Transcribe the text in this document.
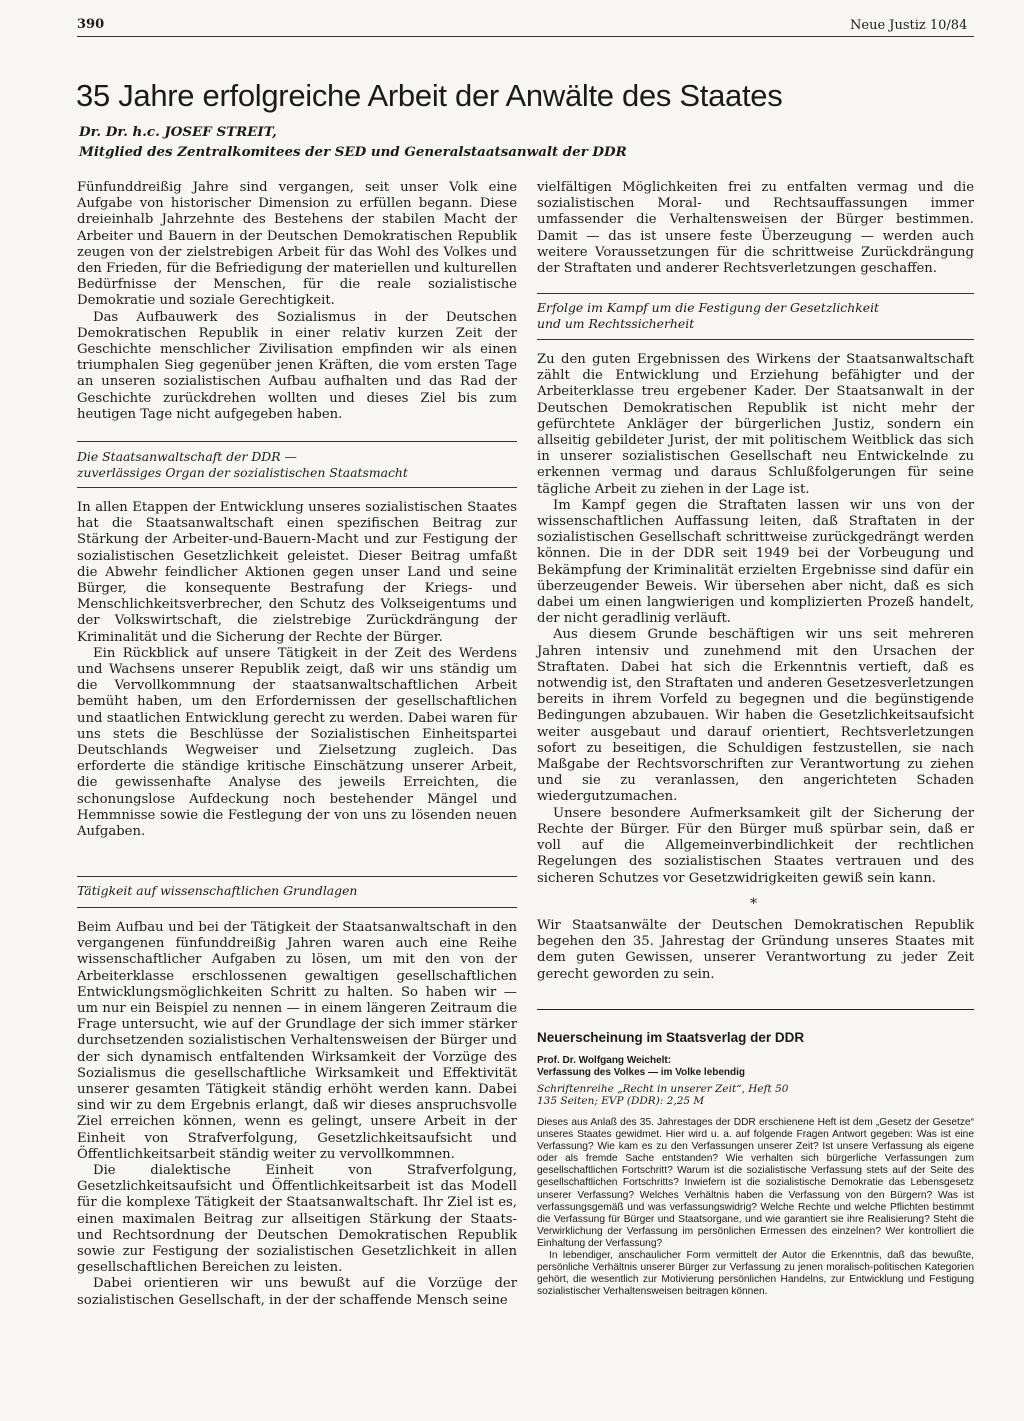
390	Neue Justiz 10/84
35 Jahre erfolgreiche Arbeit der Anwälte des Staates
Dr. Dr. h.c. JOSEF STREIT,
Mitglied des Zentralkomitees der SED und Generalstaatsanwalt der DDR

Fünfunddreißig Jahre sind vergangen, seit unser Volk eine Aufgabe von historischer Dimension zu erfüllen begann. Diese dreieinhalb Jahrzehnte des Bestehens der stabilen Macht der Arbeiter und Bauern in der Deutschen Demokratischen Republik zeugen von der zielstrebigen Arbeit für das Wohl des Volkes und den Frieden, für die Befriedigung der materiellen und kulturellen Bedürfnisse der Menschen, für die reale sozialistische Demokratie und soziale Gerechtigkeit.

Das Aufbauwerk des Sozialismus in der Deutschen Demokratischen Republik in einer relativ kurzen Zeit der Geschichte menschlicher Zivilisation empfinden wir als einen triumphalen Sieg gegenüber jenen Kräften, die vom ersten Tage an unseren sozialistischen Aufbau aufhalten und das Rad der Geschichte zurückdrehen wollten und dieses Ziel bis zum heutigen Tage nicht aufgegeben haben.

Die Staatsanwaltschaft der DDR —
zuverlässiges Organ der sozialistischen Staatsmacht

In allen Etappen der Entwicklung unseres sozialistischen Staates hat die Staatsanwaltschaft einen spezifischen Beitrag zur Stärkung der Arbeiter-und-Bauern-Macht und zur Festigung der sozialistischen Gesetzlichkeit geleistet. Dieser Beitrag umfaßt die Abwehr feindlicher Aktionen gegen unser Land und seine Bürger, die konsequente Bestrafung der Kriegs- und Menschlichkeitsverbrecher, den Schutz des Volkseigentums und der Volkswirtschaft, die zielstrebige Zurückdrängung der Kriminalität und die Sicherung der Rechte der Bürger.

Ein Rückblick auf unsere Tätigkeit in der Zeit des Werdens und Wachsens unserer Republik zeigt, daß wir uns ständig um die Vervollkommnung der staatsanwaltschaftlichen Arbeit bemüht haben, um den Erfordernissen der gesellschaftlichen und staatlichen Entwicklung gerecht zu werden. Dabei waren für uns stets die Beschlüsse der Sozialistischen Einheitspartei Deutschlands Wegweiser und Zielsetzung zugleich. Das erforderte die ständige kritische Einschätzung unserer Arbeit, die gewissenhafte Analyse des jeweils Erreichten, die schonungslose Aufdeckung noch bestehender Mängel und Hemmnisse sowie die Festlegung der von uns zu lösenden neuen Aufgaben.

Tätigkeit auf wissenschaftlichen Grundlagen

Beim Aufbau und bei der Tätigkeit der Staatsanwaltschaft in den vergangenen fünfunddreißig Jahren waren auch eine Reihe wissenschaftlicher Aufgaben zu lösen, um mit den von der Arbeiterklasse erschlossenen gewaltigen gesellschaftlichen Entwicklungsmöglichkeiten Schritt zu halten. So haben wir — um nur ein Beispiel zu nennen — in einem längeren Zeitraum die Frage untersucht, wie auf der Grundlage der sich immer stärker durchsetzenden sozialistischen Verhaltensweisen der Bürger und der sich dynamisch entfaltenden Wirksamkeit der Vorzüge des Sozialismus die gesellschaftliche Wirksamkeit und Effektivität unserer gesamten Tätigkeit ständig erhöht werden kann. Dabei sind wir zu dem Ergebnis erlangt, daß wir dieses anspruchsvolle Ziel erreichen können, wenn es gelingt, unsere Arbeit in der Einheit von Strafverfolgung, Gesetzlichkeitsaufsicht und Öffentlichkeitsarbeit ständig weiter zu vervollkommnen.

Die dialektische Einheit von Strafverfolgung, Gesetzlichkeitsaufsicht und Öffentlichkeitsarbeit ist das Modell für die komplexe Tätigkeit der Staatsanwaltschaft. Ihr Ziel ist es, einen maximalen Beitrag zur allseitigen Stärkung der Staats- und Rechtsordnung der Deutschen Demokratischen Republik sowie zur Festigung der sozialistischen Gesetzlichkeit in allen gesellschaftlichen Bereichen zu leisten.

Dabei orientieren wir uns bewußt auf die Vorzüge der sozialistischen Gesellschaft, in der der schaffende Mensch seine

vielfältigen Möglichkeiten frei zu entfalten vermag und die sozialistischen Moral- und Rechtsauffassungen immer umfassender die Verhaltensweisen der Bürger bestimmen. Damit — das ist unsere feste Überzeugung — werden auch weitere Voraussetzungen für die schrittweise Zurückdrängung der Straftaten und anderer Rechtsverletzungen geschaffen.

Erfolge im Kampf um die Festigung der Gesetzlichkeit
und um Rechtssicherheit

Zu den guten Ergebnissen des Wirkens der Staatsanwaltschaft zählt die Entwicklung und Erziehung befähigter und der Arbeiterklasse treu ergebener Kader. Der Staatsanwalt in der Deutschen Demokratischen Republik ist nicht mehr der gefürchtete Ankläger der bürgerlichen Justiz, sondern ein allseitig gebildeter Jurist, der mit politischem Weitblick das sich in unserer sozialistischen Gesellschaft neu Entwickelnde zu erkennen vermag und daraus Schlußfolgerungen für seine tägliche Arbeit zu ziehen in der Lage ist.

Im Kampf gegen die Straftaten lassen wir uns von der wissenschaftlichen Auffassung leiten, daß Straftaten in der sozialistischen Gesellschaft schrittweise zurückgedrängt werden können. Die in der DDR seit 1949 bei der Vorbeugung und Bekämpfung der Kriminalität erzielten Ergebnisse sind dafür ein überzeugender Beweis. Wir übersehen aber nicht, daß es sich dabei um einen langwierigen und komplizierten Prozeß handelt, der nicht geradlinig verläuft.

Aus diesem Grunde beschäftigen wir uns seit mehreren Jahren intensiv und zunehmend mit den Ursachen der Straftaten. Dabei hat sich die Erkenntnis vertieft, daß es notwendig ist, den Straftaten und anderen Gesetzesverletzungen bereits in ihrem Vorfeld zu begegnen und die begünstigende Bedingungen abzubauen. Wir haben die Gesetzlichkeitsaufsicht weiter ausgebaut und darauf orientiert, Rechtsverletzungen sofort zu beseitigen, die Schuldigen festzustellen, sie nach Maßgabe der Rechtsvorschriften zur Verantwortung zu ziehen und sie zu veranlassen, den angerichteten Schaden wiedergutzumachen.

Unsere besondere Aufmerksamkeit gilt der Sicherung der Rechte der Bürger. Für den Bürger muß spürbar sein, daß er voll auf die Allgemeinverbindlichkeit der rechtlichen Regelungen des sozialistischen Staates vertrauen und des sicheren Schutzes vor Gesetzwidrigkeiten gewiß sein kann.

*

Wir Staatsanwälte der Deutschen Demokratischen Republik begehen den 35. Jahrestag der Gründung unseres Staates mit dem guten Gewissen, unserer Verantwortung zu jeder Zeit gerecht geworden zu sein.

Neuerscheinung im Staatsverlag der DDR
Prof. Dr. Wolfgang Weichelt:
Verfassung des Volkes — im Volke lebendig
Schriftenreihe „Recht in unserer Zeit“, Heft 50
135 Seiten; EVP (DDR): 2,25 M

Dieses aus Anlaß des 35. Jahrestages der DDR erschienene Heft ist dem „Gesetz der Gesetze“ unseres Staates gewidmet. Hier wird u. a. auf folgende Fragen Antwort gegeben: Was ist eine Verfassung? Wie kam es zu den Verfassungen unserer Zeit? Ist unsere Verfassung als eigene oder als fremde Sache entstanden? Wie verhalten sich bürgerliche Verfassungen zum gesellschaftlichen Fortschritt? Warum ist die sozialistische Verfassung stets auf der Seite des gesellschaftlichen Fortschritts? Inwiefern ist die sozialistische Demokratie das Lebensgesetz unserer Verfassung? Welches Verhältnis haben die Verfassung von den Bürgern? Was ist verfassungsgemäß und was verfassungswidrig? Welche Rechte und welche Pflichten bestimmt die Verfassung für Bürger und Staatsorgane, und wie garantiert sie ihre Realisierung? Steht die Verwirklichung der Verfassung im persönlichen Ermessen des einzelnen? Wer kontrolliert die Einhaltung der Verfassung?

In lebendiger, anschaulicher Form vermittelt der Autor die Erkenntnis, daß das bewußte, persönliche Verhältnis unserer Bürger zur Verfassung zu jenen moralisch-politischen Kategorien gehört, die wesentlich zur Motivierung persönlichen Handelns, zur Entwicklung und Festigung sozialistischer Verhaltensweisen beitragen können.
